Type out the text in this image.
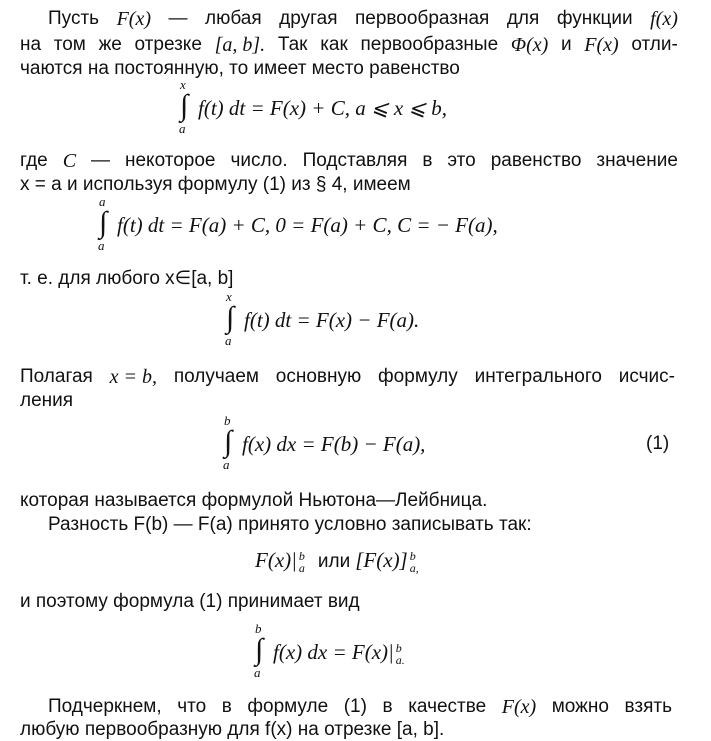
Пусть F(x) — любая другая первообразная для функции f(x)
на том же отрезке [a, b]. Так как первообразные Φ(x) и F(x) отли-
чаются на постоянную, то имеет место равенство
x
∫
a
f(t) dt = F(x) + C, a ⩽ x ⩽ b,
где C — некоторое число. Подставляя в это равенство значение
x = a и используя формулу (1) из § 4, имеем
a
∫
a
f(t) dt = F(a) + C, 0 = F(a) + C, C = − F(a),
т. е. для любого x∈[a, b]
x
∫
a
f(t) dt = F(x) − F(a).
Полагая x = b, получаем основную формулу интегрального исчис-
ления
b
∫
a
f(x) dx = F(b) − F(a),	(1)
которая называется формулой Ньютона—Лейбница.
Разность F(b) — F(a) принято условно записывать так:
F(x)| b
a или [F(x)] b
a,
и поэтому формула (1) принимает вид
b
∫
a
f(x) dx = F(x)| b
a.
Подчеркнем, что в формуле (1) в качестве F(x) можно взять
любую первообразную для f(x) на отрезке [a, b].
